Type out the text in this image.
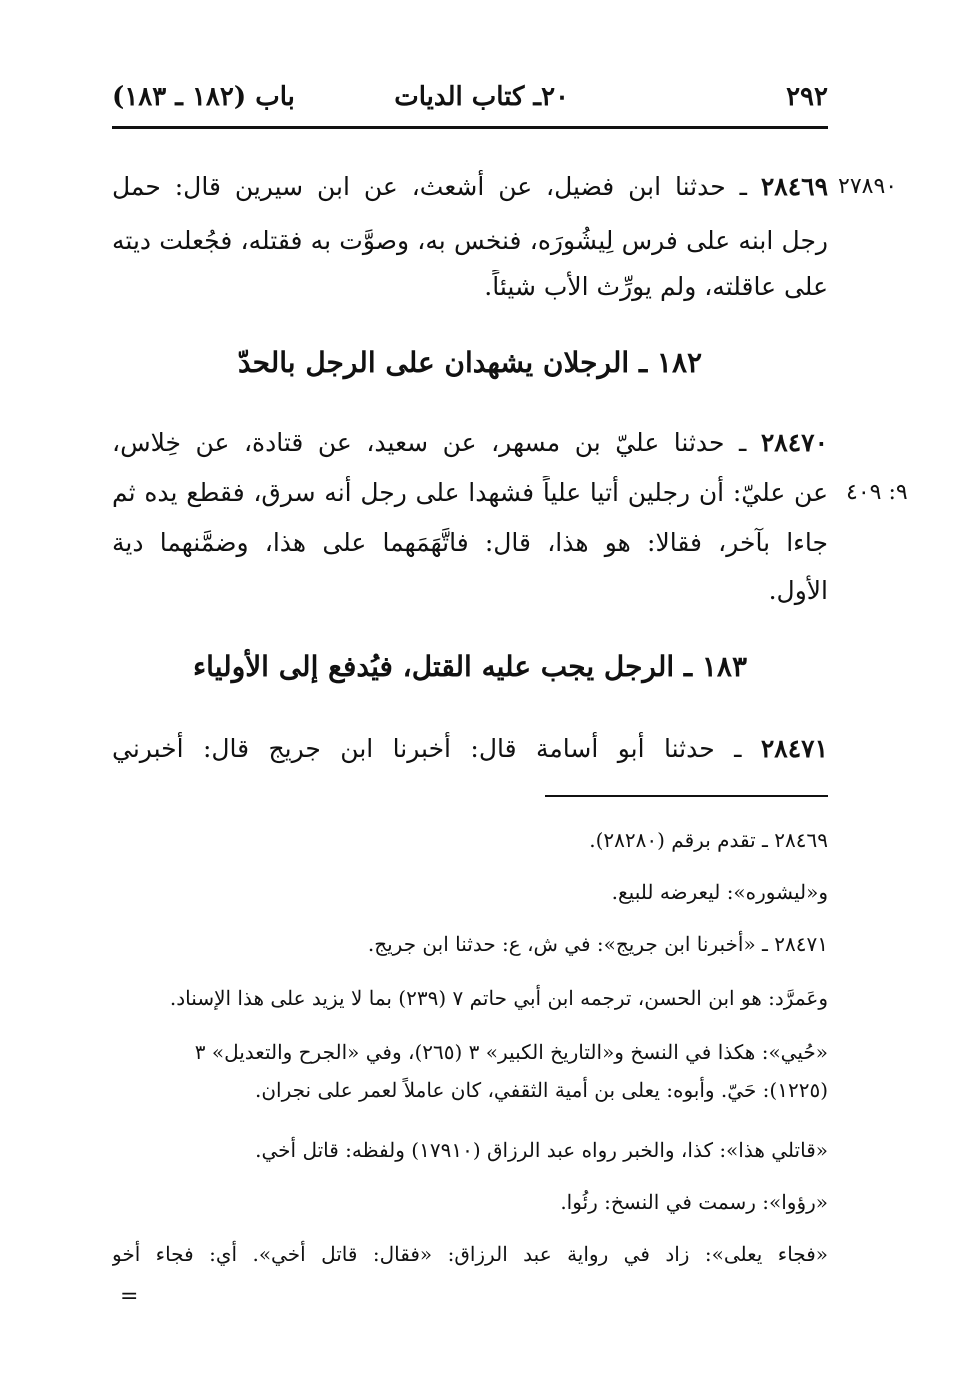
٢٩٢
٢٠ـ كتاب الديات
باب (١٨٢ ـ ١٨٣)
٢٧٨٩٠
٢٨٤٦٩ ـ حدثنا ابن فضيل، عن أشعث، عن ابن سيرين قال: حمل
رجل ابنه على فرس لِيشُورَه، فنخس به، وصوَّت به فقتله، فجُعلت ديته
على عاقلته، ولم يورِّث الأب شيئاً.
١٨٢ ـ الرجلان يشهدان على الرجل بالحدّ
٢٨٤٧٠ ـ حدثنا عليّ بن مسهر، عن سعيد، عن قتادة، عن خِلاس،
٩: ٤٠٩
عن عليّ: أن رجلين أتيا علياً فشهدا على رجل أنه سرق، فقطع يده ثم
جاءا بآخر، فقالا: هو هذا، قال: فاتَّهَمَهما على هذا، وضمَّنهما دية
الأول.
١٨٣ ـ الرجل يجب عليه القتل، فيُدفع إلى الأولياء
٢٨٤٧١ ـ حدثنا أبو أسامة قال: أخبرنا ابن جريج قال: أخبرني
٢٨٤٦٩ ـ تقدم برقم (٢٨٢٨٠).
و«ليشوره»: ليعرضه للبيع.
٢٨٤٧١ ـ «أخبرنا ابن جريج»: في ش، ع: حدثنا ابن جريج.
وعَمرَّد: هو ابن الحسن، ترجمه ابن أبي حاتم ٧ (٢٣٩) بما لا يزيد على هذا الإسناد.
«حُيي»: هكذا في النسخ و«التاريخ الكبير» ٣ (٢٦٥)، وفي «الجرح والتعديل» ٣
(١٢٢٥): حَيّ. وأبوه: يعلى بن أمية الثقفي، كان عاملاً لعمر على نجران.
«قاتلي هذا»: كذا، والخبر رواه عبد الرزاق (١٧٩١٠) ولفظه: قاتل أخي.
«رؤوا»: رسمت في النسخ: رئُوا.
«فجاء يعلى»: زاد في رواية عبد الرزاق: «فقال: قاتل أخي». أي: فجاء أخو
=
